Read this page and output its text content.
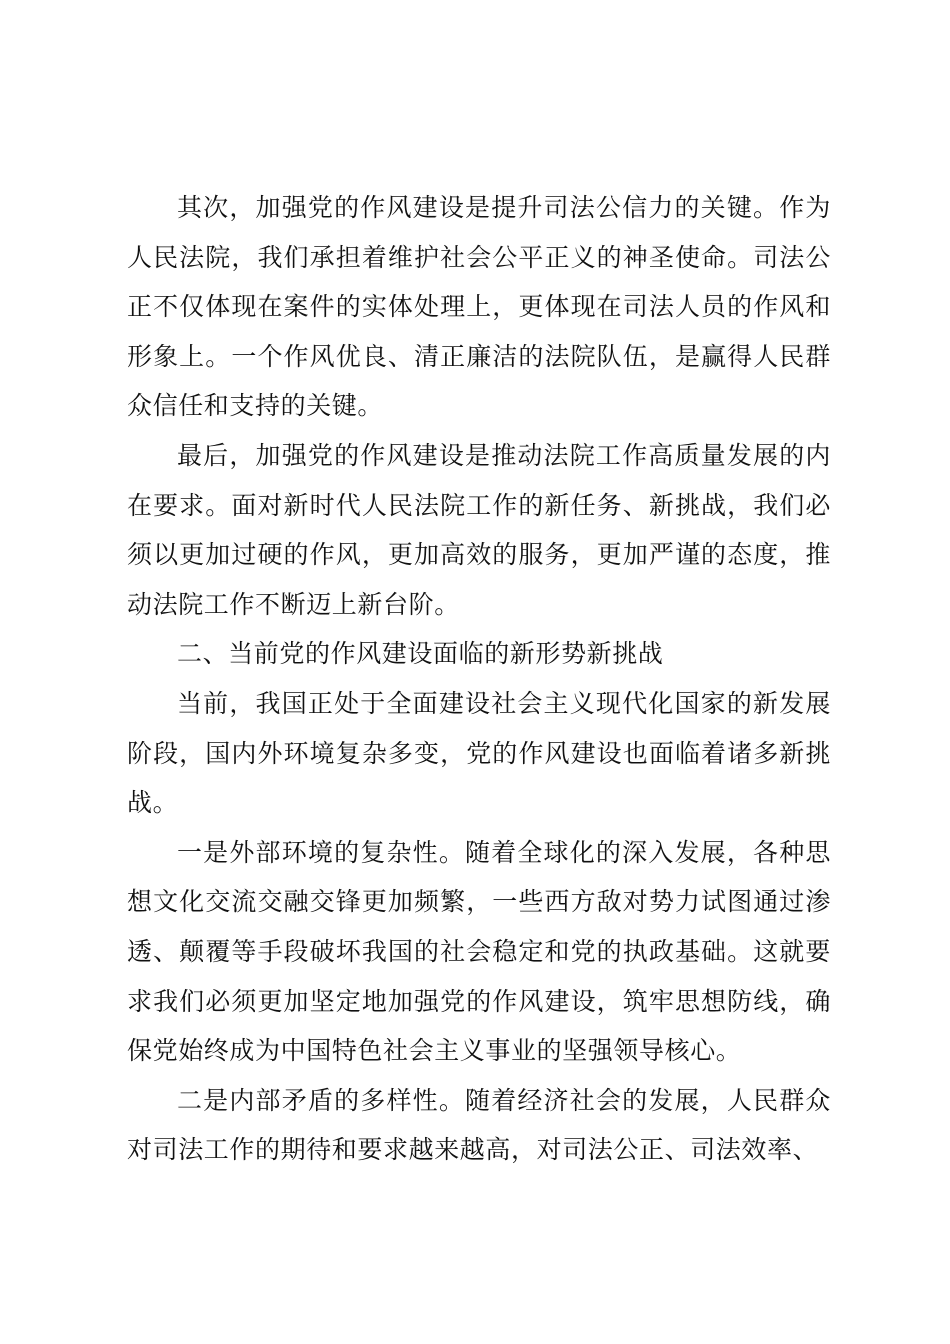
其次，加强党的作风建设是提升司法公信力的关键。作为人民法院，我们承担着维护社会公平正义的神圣使命。司法公正不仅体现在案件的实体处理上，更体现在司法人员的作风和形象上。一个作风优良、清正廉洁的法院队伍，是赢得人民群众信任和支持的关键。

最后，加强党的作风建设是推动法院工作高质量发展的内在要求。面对新时代人民法院工作的新任务、新挑战，我们必须以更加过硬的作风，更加高效的服务，更加严谨的态度，推动法院工作不断迈上新台阶。

二、当前党的作风建设面临的新形势新挑战

当前，我国正处于全面建设社会主义现代化国家的新发展阶段，国内外环境复杂多变，党的作风建设也面临着诸多新挑战。

一是外部环境的复杂性。随着全球化的深入发展，各种思想文化交流交融交锋更加频繁，一些西方敌对势力试图通过渗透、颠覆等手段破坏我国的社会稳定和党的执政基础。这就要求我们必须更加坚定地加强党的作风建设，筑牢思想防线，确保党始终成为中国特色社会主义事业的坚强领导核心。

二是内部矛盾的多样性。随着经济社会的发展，人民群众对司法工作的期待和要求越来越高，对司法公正、司法效率、
